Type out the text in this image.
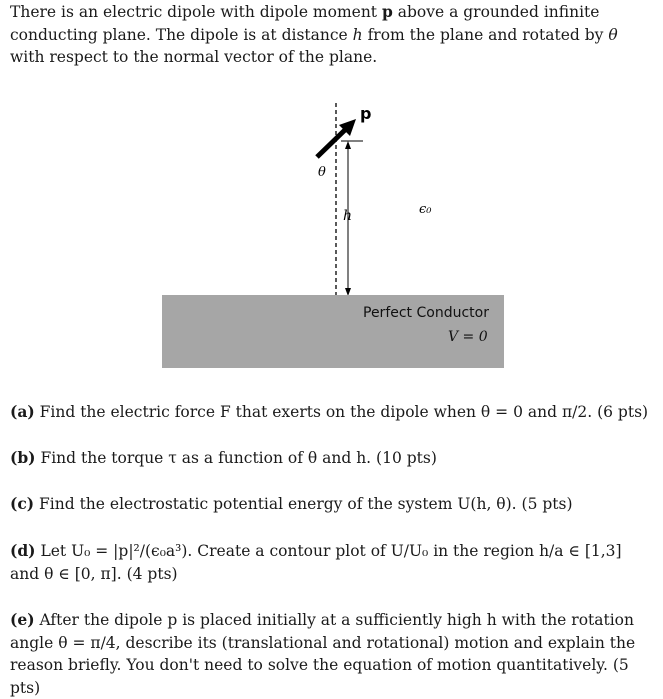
There is an electric dipole with dipole moment p above a grounded infinite conducting plane. The dipole is at distance h from the plane and rotated by θ with respect to the normal vector of the plane.

p
θ
h	ϵ₀
Perfect Conductor
V = 0

(a) Find the electric force F that exerts on the dipole when θ = 0 and π/2. (6 pts)

(b) Find the torque τ as a function of θ and h. (10 pts)

(c) Find the electrostatic potential energy of the system U(h, θ). (5 pts)

(d) Let U₀ = |p|²/(ϵ₀a³). Create a contour plot of U/U₀ in the region h/a ∈ [1,3] and θ ∈ [0, π]. (4 pts)

(e) After the dipole p is placed initially at a sufficiently high h with the rotation angle θ = π/4, describe its (translational and rotational) motion and explain the reason briefly. You don't need to solve the equation of motion quantitatively. (5 pts)
